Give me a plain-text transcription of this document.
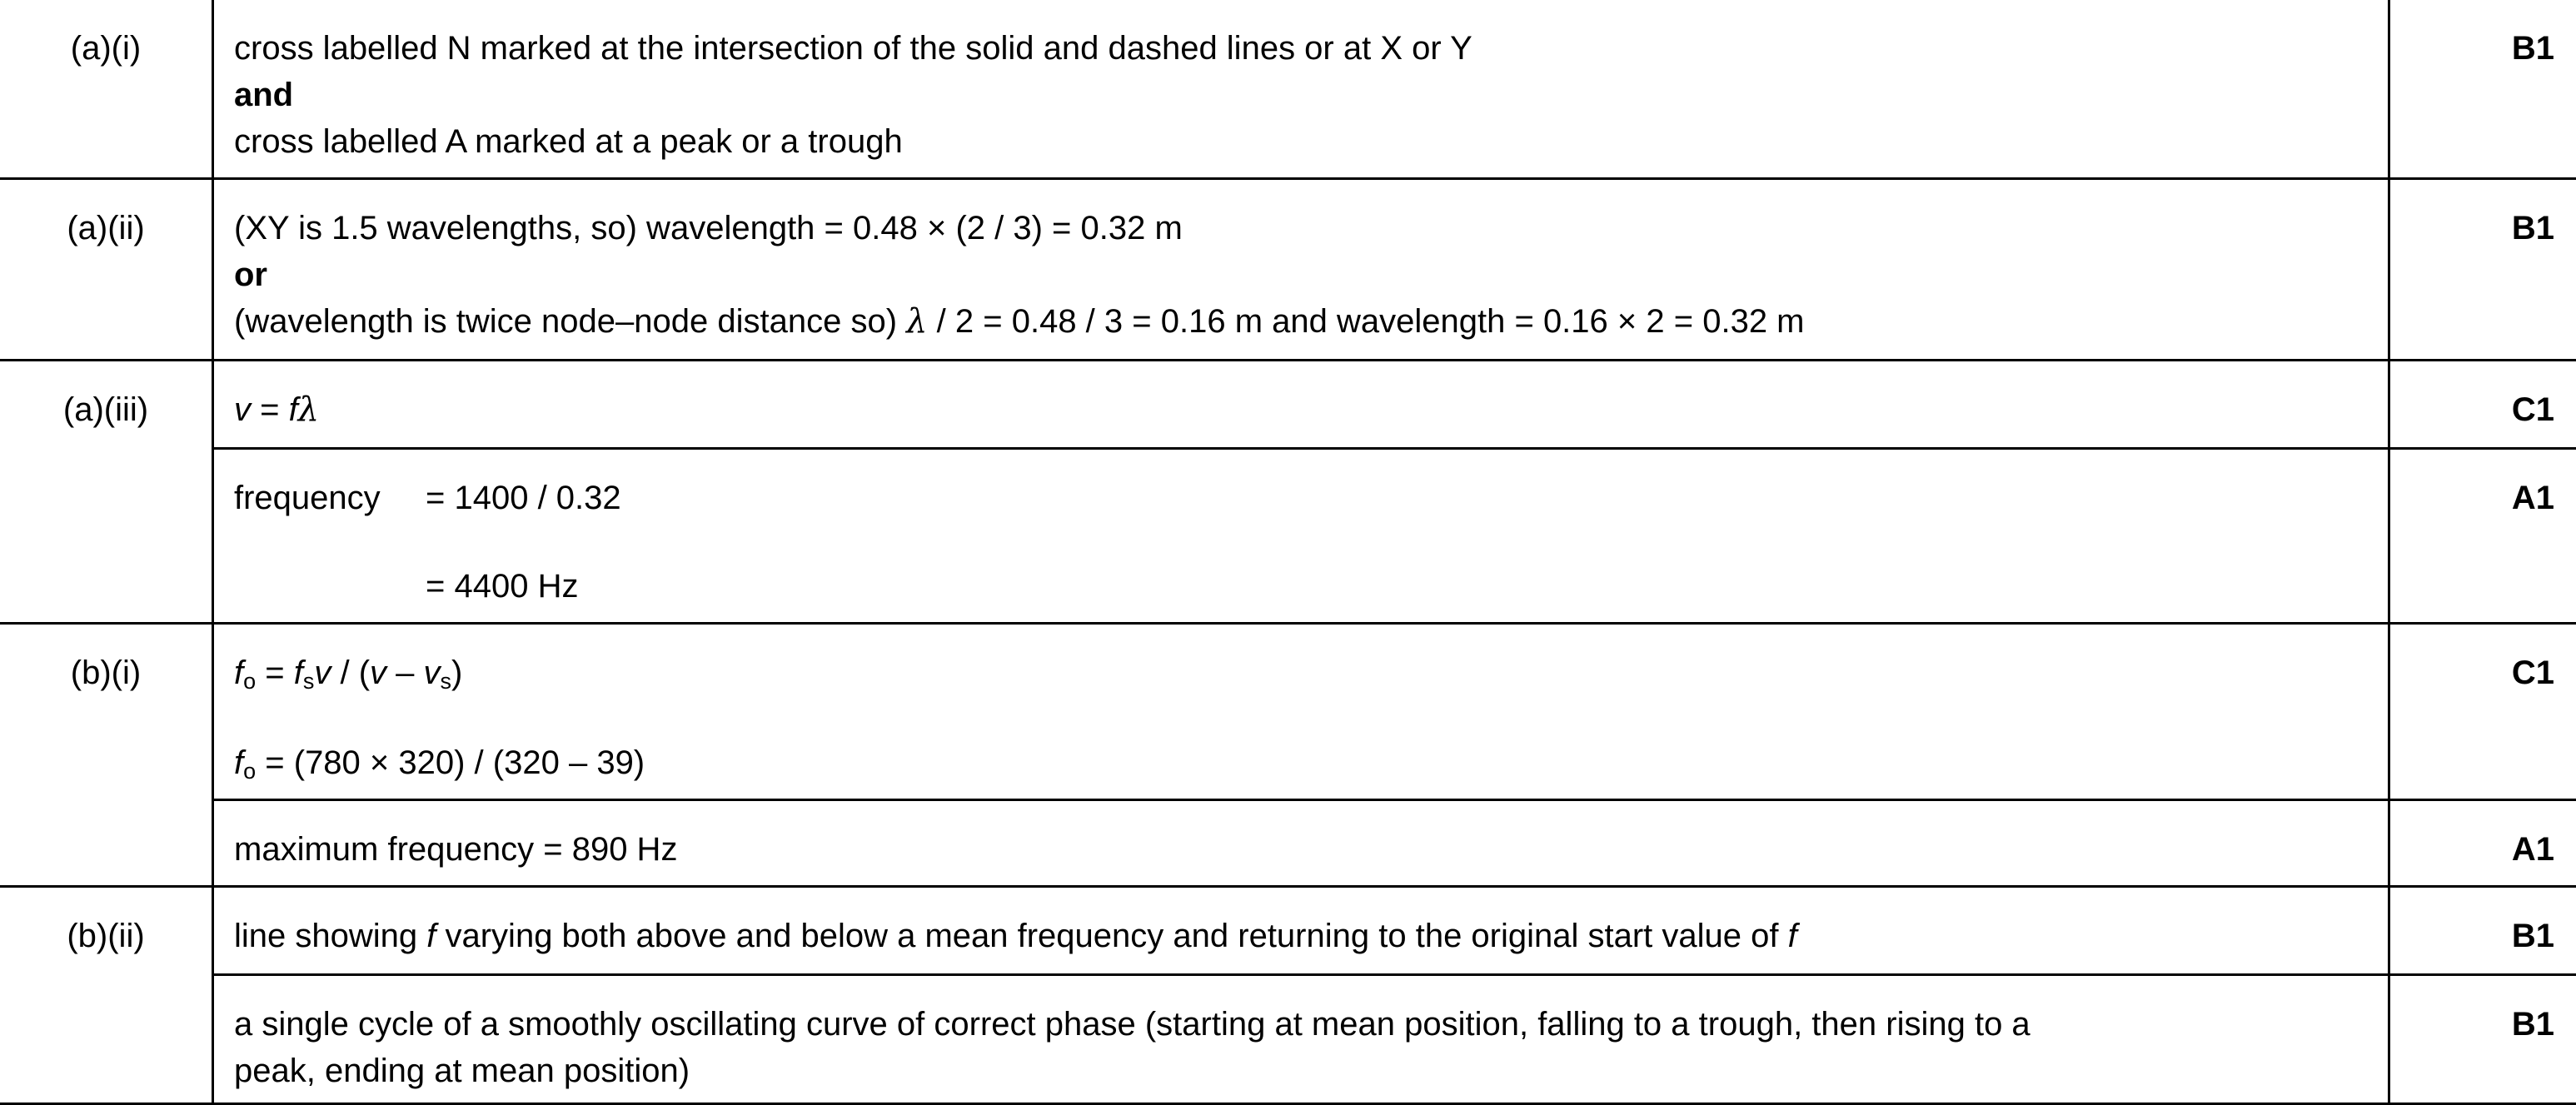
(a)(i)	cross labelled N marked at the intersection of the solid and dashed lines or at X or Y
and
cross labelled A marked at a peak or a trough	B1
(a)(ii)	(XY is 1.5 wavelengths, so) wavelength = 0.48 × (2 / 3) = 0.32 m
or
(wavelength is twice node–node distance so) λ / 2 = 0.48 / 3 = 0.16 m and wavelength = 0.16 × 2 = 0.32 m	B1
(a)(iii)	v = fλ	C1

	frequency = 1400 / 0.32
= 4400 Hz	A1
(b)(i)	$f_o = f_sv / (v - v_s)$
$f_o = (780 \times 320) / (320 - 39)$	C1

	maximum frequency = 890 Hz	A1
(b)(ii)	line showing f varying both above and below a mean frequency and returning to the original start value of f	B1

	a single cycle of a smoothly oscillating curve of correct phase (starting at mean position, falling to a trough, then rising to a
peak, ending at mean position)	B1
